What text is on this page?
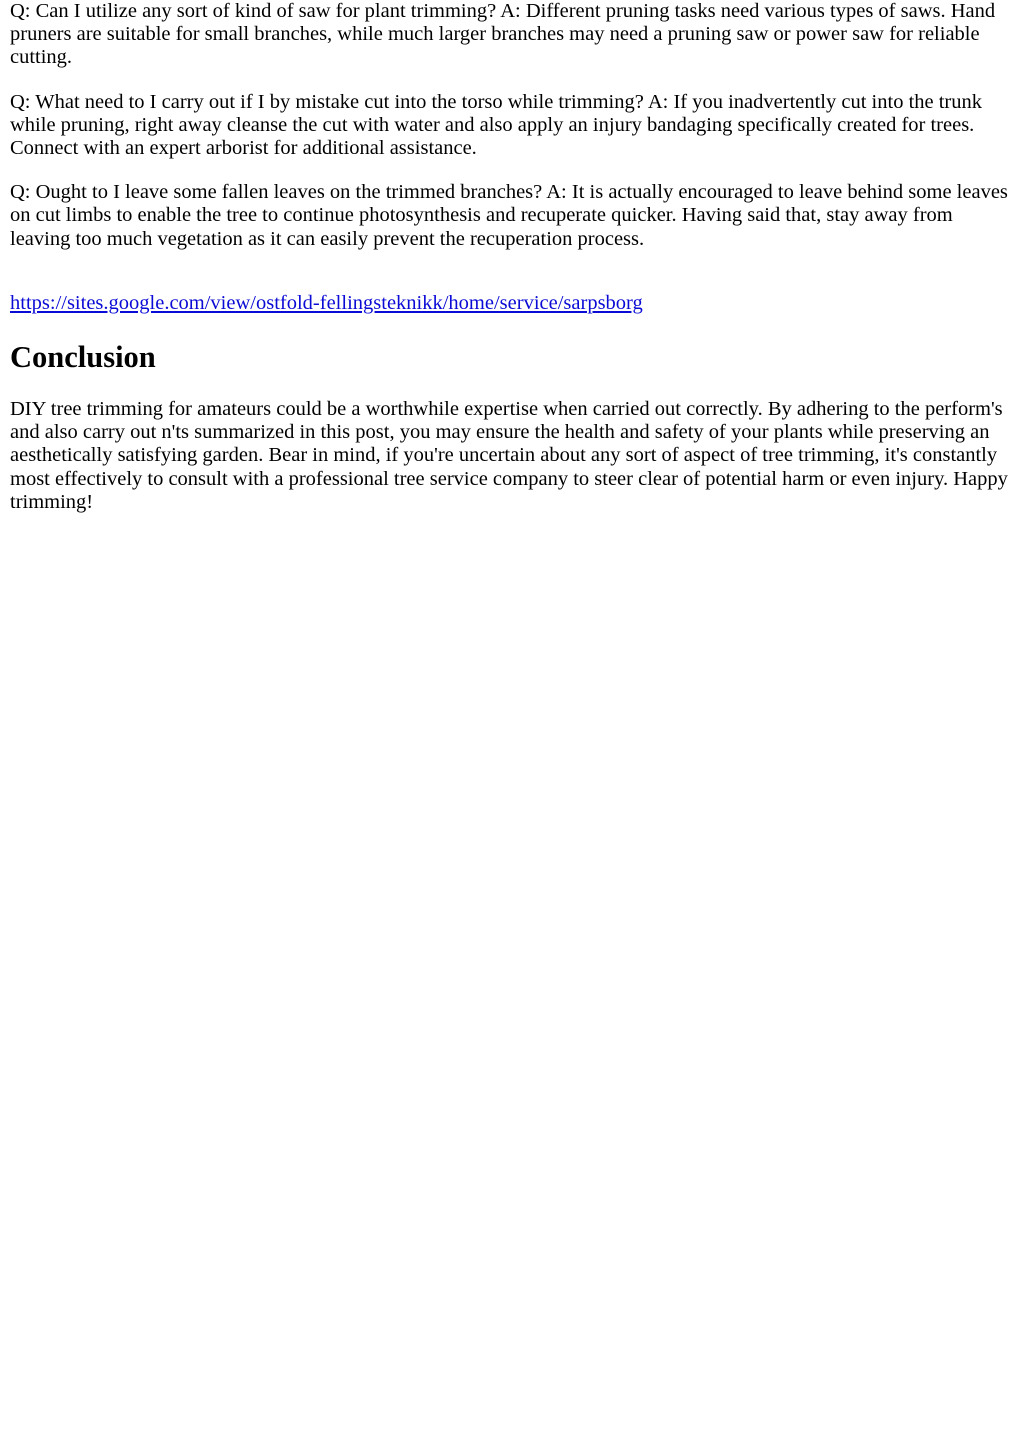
Q: Can I utilize any sort of kind of saw for plant trimming? A: Different pruning tasks need various types of saws. Hand pruners are suitable for small branches, while much larger branches may need a pruning saw or power saw for reliable cutting.

Q: What need to I carry out if I by mistake cut into the torso while trimming? A: If you inadvertently cut into the trunk while pruning, right away cleanse the cut with water and also apply an injury bandaging specifically created for trees. Connect with an expert arborist for additional assistance.

Q: Ought to I leave some fallen leaves on the trimmed branches? A: It is actually encouraged to leave behind some leaves on cut limbs to enable the tree to continue photosynthesis and recuperate quicker. Having said that, stay away from leaving too much vegetation as it can easily prevent the recuperation process.

https://sites.google.com/view/ostfold-fellingsteknikk/home/service/sarpsborg
Conclusion

DIY tree trimming for amateurs could be a worthwhile expertise when carried out correctly. By adhering to the perform's and also carry out n'ts summarized in this post, you may ensure the health and safety of your plants while preserving an aesthetically satisfying garden. Bear in mind, if you're uncertain about any sort of aspect of tree trimming, it's constantly most effectively to consult with a professional tree service company to steer clear of potential harm or even injury. Happy trimming!
